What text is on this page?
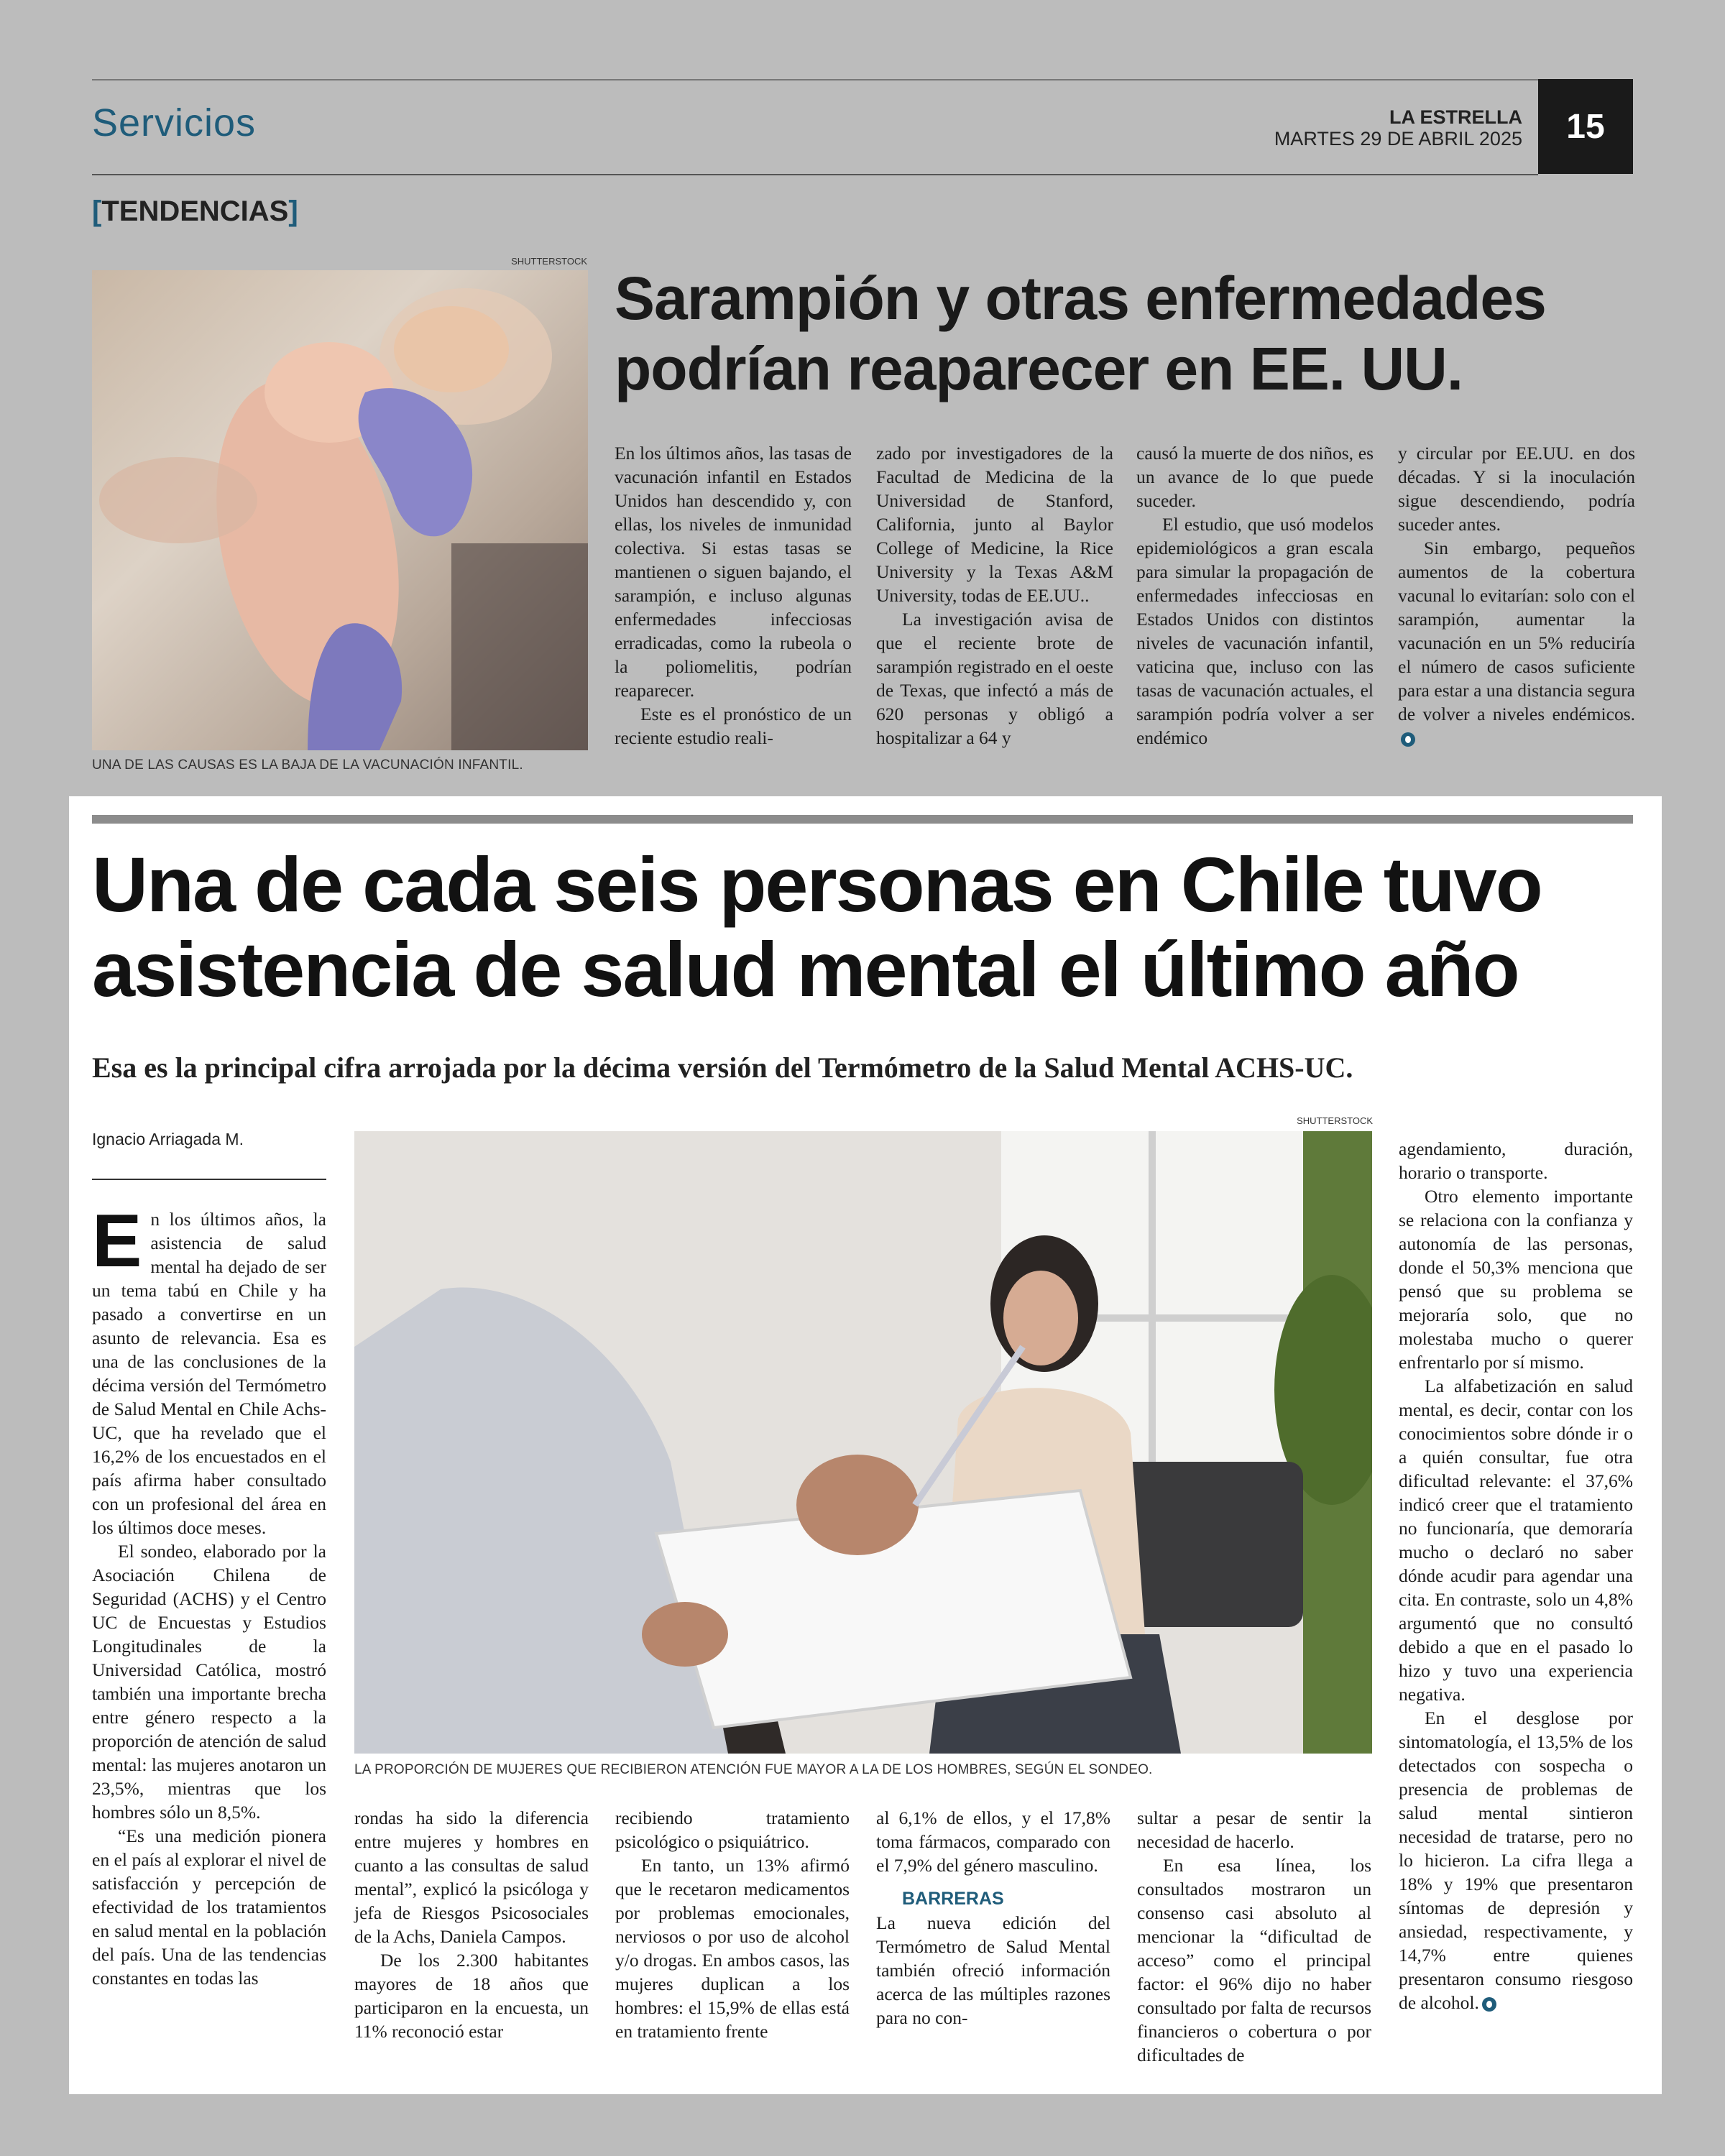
Servicios	LA ESTRELLA
MARTES 29 DE ABRIL 2025 15
[TENDENCIAS]
SHUTTERSTOCK
UNA DE LAS CAUSAS ES LA BAJA DE LA VACUNACIÓN INFANTIL.
Sarampión y otras enfermedades podrían reaparecer en EE. UU.

En los últimos años, las tasas de vacunación infantil en Estados Unidos han descendido y, con ellas, los niveles de inmunidad colectiva. Si estas tasas se mantienen o siguen bajando, el sarampión, e incluso algunas enfermedades infecciosas erradicadas, como la rubeola o la poliomelitis, podrían reaparecer.

Este es el pronóstico de un reciente estudio reali-

zado por investigadores de la Facultad de Medicina de la Universidad de Stanford, California, junto al Baylor College of Medicine, la Rice University y la Texas A&M University, todas de EE.UU..

La investigación avisa de que el reciente brote de sarampión registrado en el oeste de Texas, que infectó a más de 620 personas y obligó a hospitalizar a 64 y

causó la muerte de dos niños, es un avance de lo que puede suceder.

El estudio, que usó modelos epidemiológicos a gran escala para simular la propagación de enfermedades infecciosas en Estados Unidos con distintos niveles de vacunación infantil, vaticina que, incluso con las tasas de vacunación actuales, el sarampión podría volver a ser endémico

y circular por EE.UU. en dos décadas. Y si la inoculación sigue descendiendo, podría suceder antes.

Sin embargo, pequeños aumentos de la cobertura vacunal lo evitarían: solo con el sarampión, aumentar la vacunación en un 5% reduciría el número de casos suficiente para estar a una distancia segura de volver a niveles endémicos.

Una de cada seis personas en Chile tuvo asistencia de salud mental el último año
Esa es la principal cifra arrojada por la décima versión del Termómetro de la Salud Mental ACHS-UC.
Ignacio Arriagada M.
SHUTTERSTOCK
LA PROPORCIÓN DE MUJERES QUE RECIBIERON ATENCIÓN FUE MAYOR A LA DE LOS HOMBRES, SEGÚN EL SONDEO.

En los últimos años, la asistencia de salud mental ha dejado de ser un tema tabú en Chile y ha pasado a convertirse en un asunto de relevancia. Esa es una de las conclusiones de la décima versión del Termómetro de Salud Mental en Chile Achs-UC, que ha revelado que el 16,2% de los encuestados en el país afirma haber consultado con un profesional del área en los últimos doce meses.

El sondeo, elaborado por la Asociación Chilena de Seguridad (ACHS) y el Centro UC de Encuestas y Estudios Longitudinales de la Universidad Católica, mostró también una importante brecha entre género respecto a la proporción de atención de salud mental: las mujeres anotaron un 23,5%, mientras que los hombres sólo un 8,5%.

“Es una medición pionera en el país al explorar el nivel de satisfacción y percepción de efectividad de los tratamientos en salud mental en la población del país. Una de las tendencias constantes en todas las

rondas ha sido la diferencia entre mujeres y hombres en cuanto a las consultas de salud mental”, explicó la psicóloga y jefa de Riesgos Psicosociales de la Achs, Daniela Campos.

De los 2.300 habitantes mayores de 18 años que participaron en la encuesta, un 11% reconoció estar

recibiendo tratamiento psicológico o psiquiátrico.

En tanto, un 13% afirmó que le recetaron medicamentos por problemas emocionales, nerviosos o por uso de alcohol y/o drogas. En ambos casos, las mujeres duplican a los hombres: el 15,9% de ellas está en tratamiento frente

al 6,1% de ellos, y el 17,8% toma fármacos, comparado con el 7,9% del género masculino.

BARRERAS

La nueva edición del Termómetro de Salud Mental también ofreció información acerca de las múltiples razones para no con-

sultar a pesar de sentir la necesidad de hacerlo.

En esa línea, los consultados mostraron un consenso casi absoluto al mencionar la “dificultad de acceso” como el principal factor: el 96% dijo no haber consultado por falta de recursos financieros o cobertura o por dificultades de

agendamiento, duración, horario o transporte.

Otro elemento importante se relaciona con la confianza y autonomía de las personas, donde el 50,3% menciona que pensó que su problema se mejoraría solo, que no molestaba mucho o querer enfrentarlo por sí mismo.

La alfabetización en salud mental, es decir, contar con los conocimientos sobre dónde ir o a quién consultar, fue otra dificultad relevante: el 37,6% indicó creer que el tratamiento no funcionaría, que demoraría mucho o declaró no saber dónde acudir para agendar una cita. En contraste, solo un 4,8% argumentó que no consultó debido a que en el pasado lo hizo y tuvo una experiencia negativa.

En el desglose por sintomatología, el 13,5% de los detectados con sospecha o presencia de problemas de salud mental sintieron necesidad de tratarse, pero no lo hicieron. La cifra llega a 18% y 19% que presentaron síntomas de depresión y ansiedad, respectivamente, y 14,7% entre quienes presentaron consumo riesgoso de alcohol.
